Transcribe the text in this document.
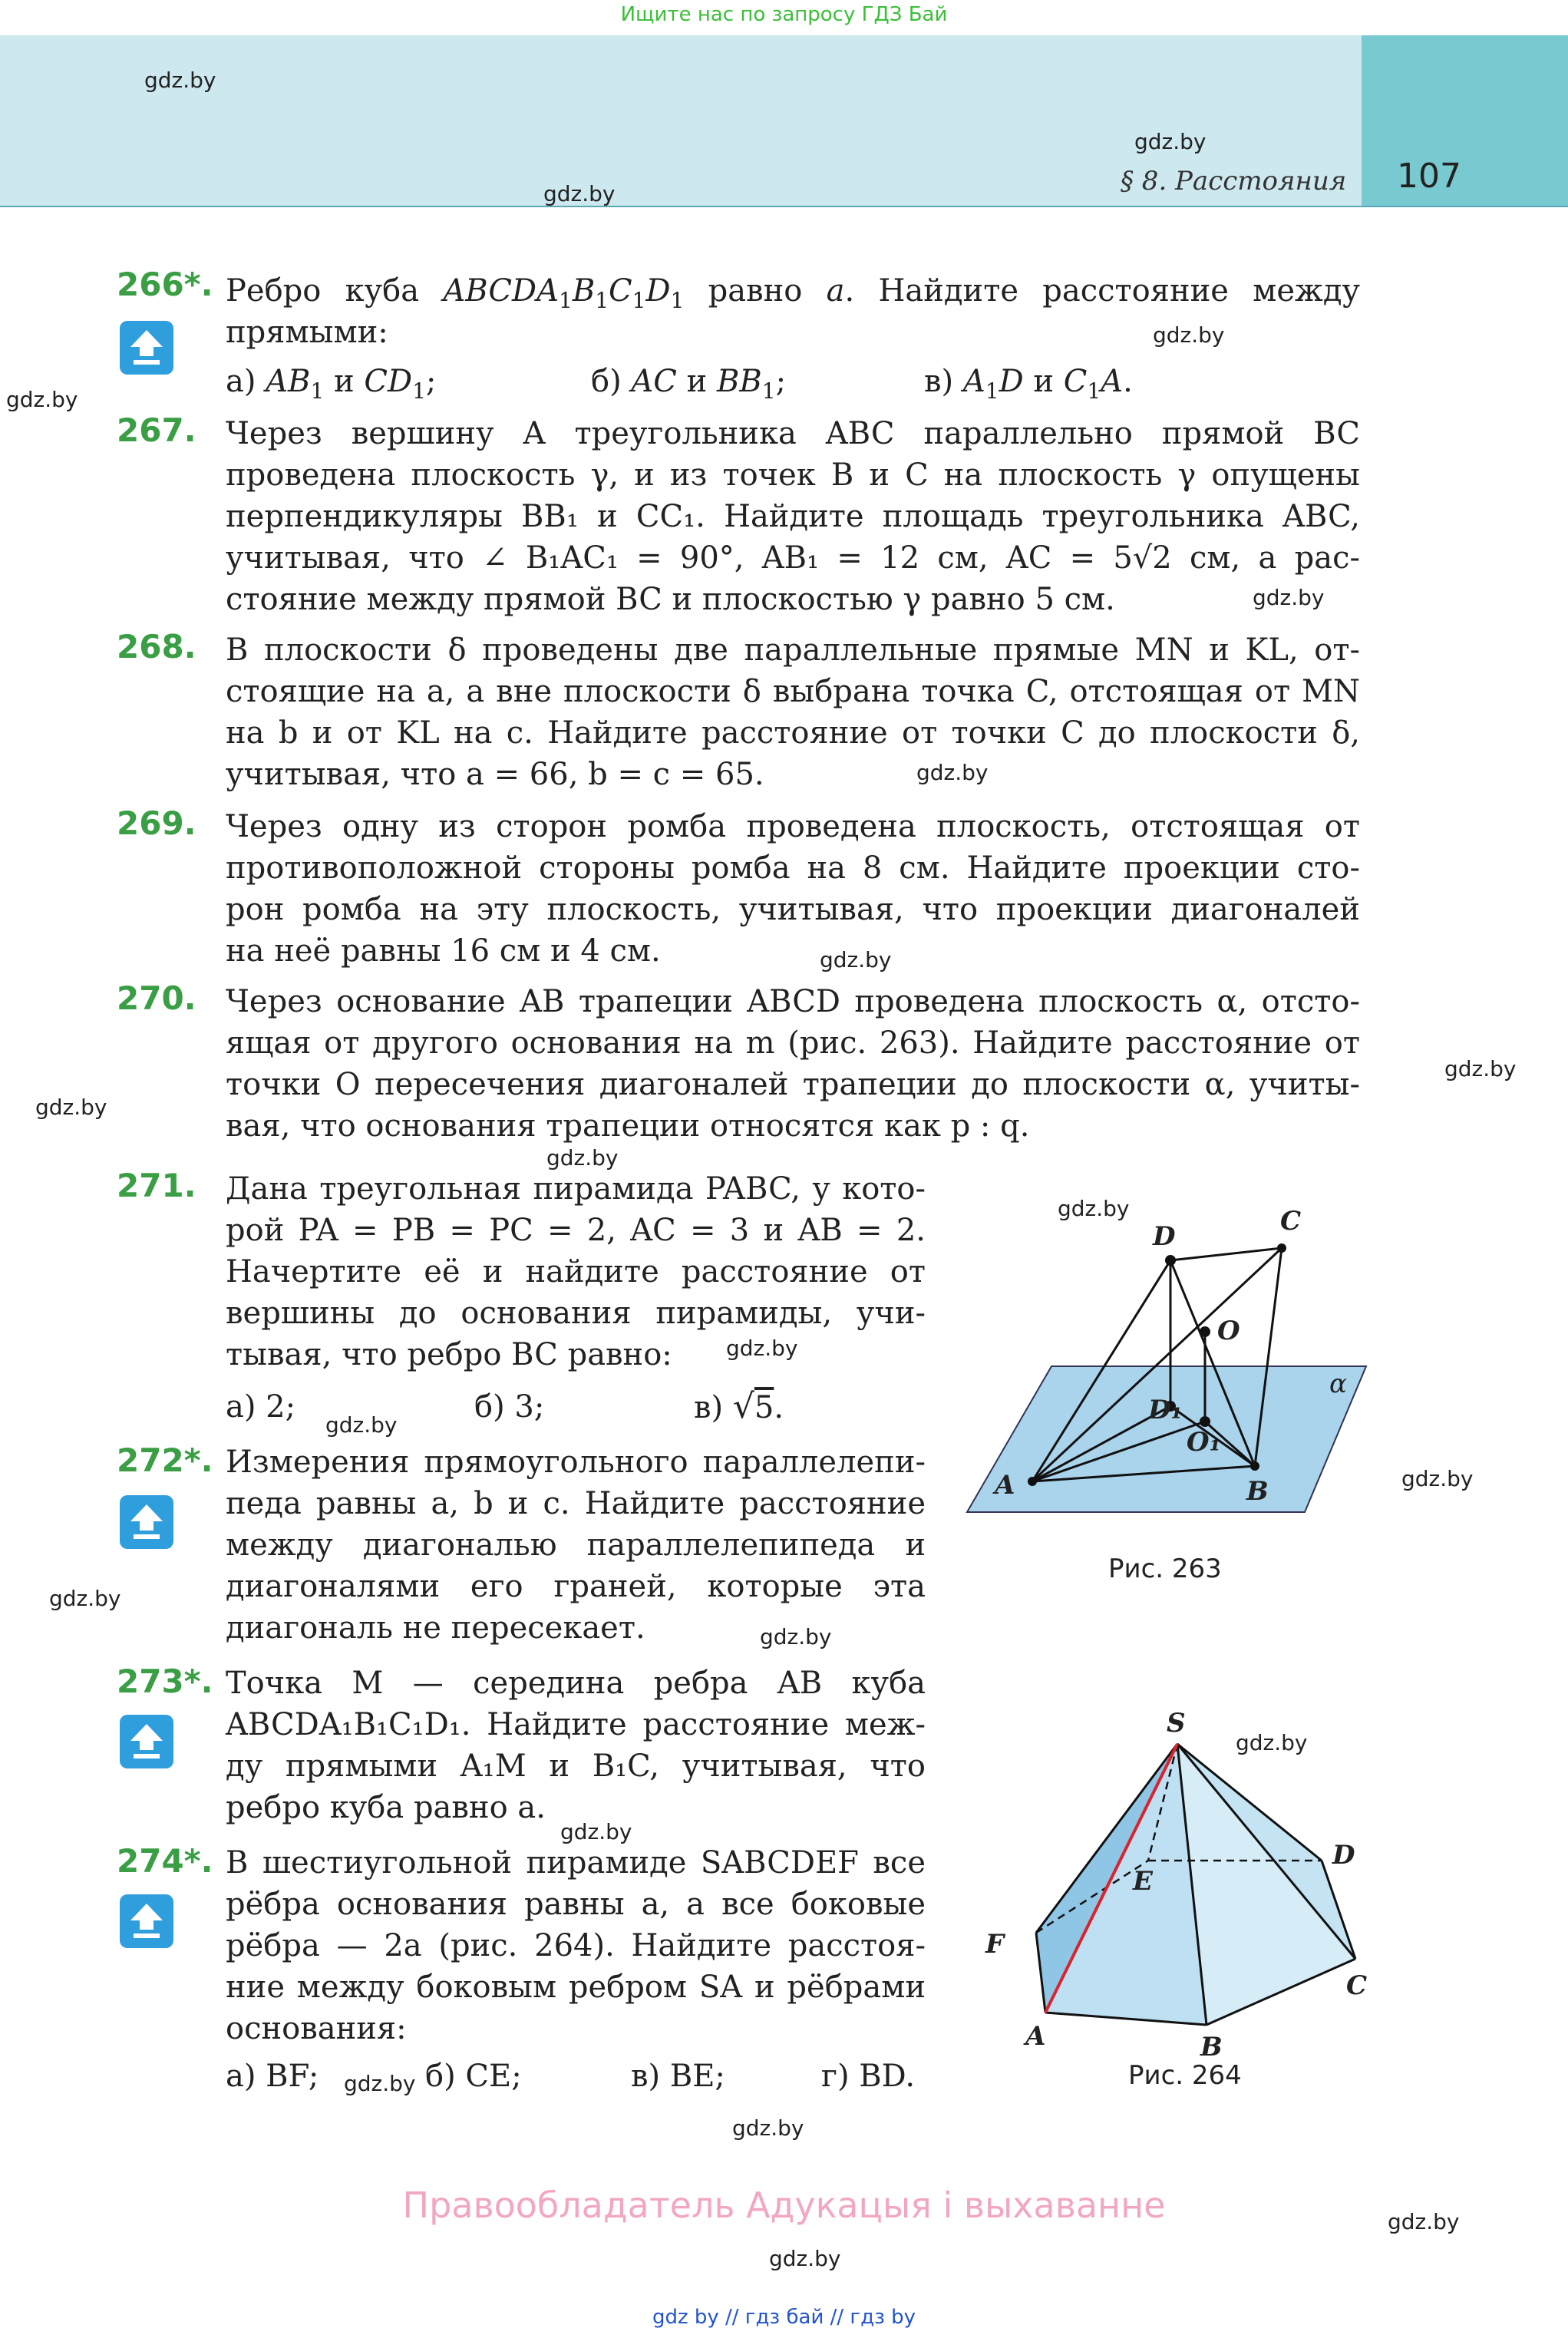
Ищите нас по запросу ГДЗ Бай
§ 8. Расстояния 107
gdz.by
gdz.by
gdz.by
gdz.by
gdz.by
gdz.by
gdz.by
gdz.by
gdz.by
gdz.by
gdz.by
gdz.by
gdz.by
gdz.by
gdz.by
gdz.by
gdz.by
gdz.by
gdz.by
gdz.by
gdz.by
gdz.by
gdz.by
266*. Ребро куба $ABCDA_1B_1C_1D_1$ равно a. Найдите расстояние между
прямыми:
а) $AB_1$ и $CD_1$;	б) AC и $BB_1$;	в) $A_1D$ и $C_1A$.
267. Через вершину A треугольника ABC параллельно прямой BC
проведена плоскость γ, и из точек B и C на плоскость γ опущены
перпендикуляры BB₁ и CC₁. Найдите площадь треугольника ABC,
учитывая, что ∠ B₁AC₁ = 90°, AB₁ = 12 см, AC = 5√2 см, а рас-
стояние между прямой BC и плоскостью γ равно 5 см.
268. В плоскости δ проведены две параллельные прямые MN и KL, от-
стоящие на a, а вне плоскости δ выбрана точка C, отстоящая от MN
на b и от KL на c. Найдите расстояние от точки C до плоскости δ,
учитывая, что a = 66, b = c = 65.
269. Через одну из сторон ромба проведена плоскость, отстоящая от
противоположной стороны ромба на 8 см. Найдите проекции сто-
рон ромба на эту плоскость, учитывая, что проекции диагоналей
на неё равны 16 см и 4 см.
270. Через основание AB трапеции ABCD проведена плоскость α, отсто-
ящая от другого основания на m (рис. 263). Найдите расстояние от
точки O пересечения диагоналей трапеции до плоскости α, учиты-
вая, что основания трапеции относятся как p : q.
271. Дана треугольная пирамида PABC, у кото-
рой PA = PB = PC = 2, AC = 3 и AB = 2.
Начертите её и найдите расстояние от
вершины до основания пирамиды, учи-
тывая, что ребро BC равно:
а) 2;	б) 3;	в) √5.
272*. Измерения прямоугольного параллелепи-
педа равны a, b и c. Найдите расстояние
между диагональю параллелепипеда и
диагоналями его граней, которые эта
диагональ не пересекает.
273*. Точка M — середина ребра AB куба
ABCDA₁B₁C₁D₁. Найдите расстояние меж-
ду прямыми A₁M и B₁C, учитывая, что
ребро куба равно a.
274*. В шестиугольной пирамиде SABCDEF все
рёбра основания равны a, а все боковые
рёбра — 2a (рис. 264). Найдите расстоя-
ние между боковым ребром SA и рёбрами
основания:
а) BF;	б) CE;	в) BE;	г) BD.
D	C
O
α
D₁
O₁
A	B
Рис. 263
S
D
E
F
C
A	B
Рис. 264
Правообладатель Адукацыя і выхаванне
gdz by // гдз бай // гдз by
